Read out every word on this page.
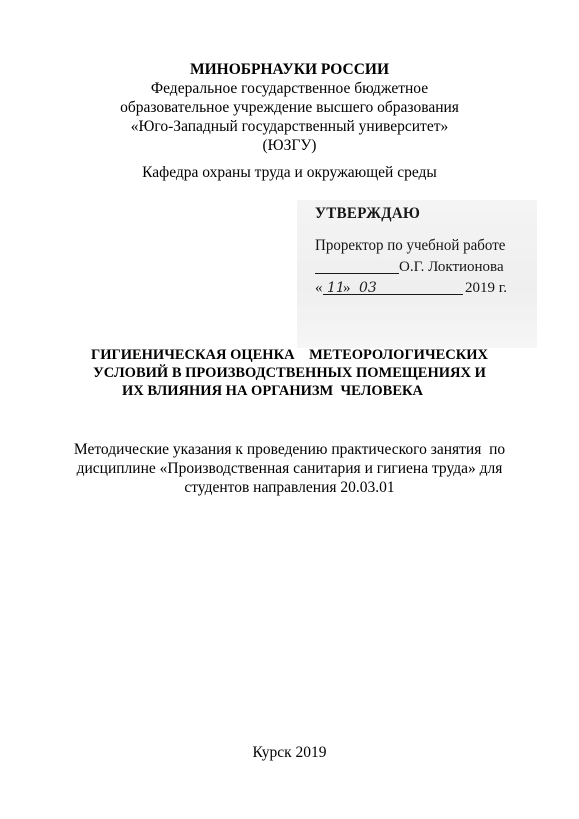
МИНОБРНАУКИ РОССИИ
Федеральное государственное бюджетное
образовательное учреждение высшего образования
«Юго-Западный государственный университет»
(ЮЗГУ)
Кафедра охраны труда и окружающей среды
УТВЕРЖДАЮ
Проректор по учебной работе
О.Г. Локтионова
« 11
» 03	2019 г.
ГИГИЕНИЧЕСКАЯ ОЦЕНКА    МЕТЕОРОЛОГИЧЕСКИХ
УСЛОВИЙ В ПРОИЗВОДСТВЕННЫХ ПОМЕЩЕНИЯХ И
ИХ ВЛИЯНИЯ НА ОРГАНИЗМ  ЧЕЛОВЕКА
Методические указания к проведению практического занятия  по
дисциплине «Производственная санитария и гигиена труда» для
студентов направления 20.03.01
Курск 2019
